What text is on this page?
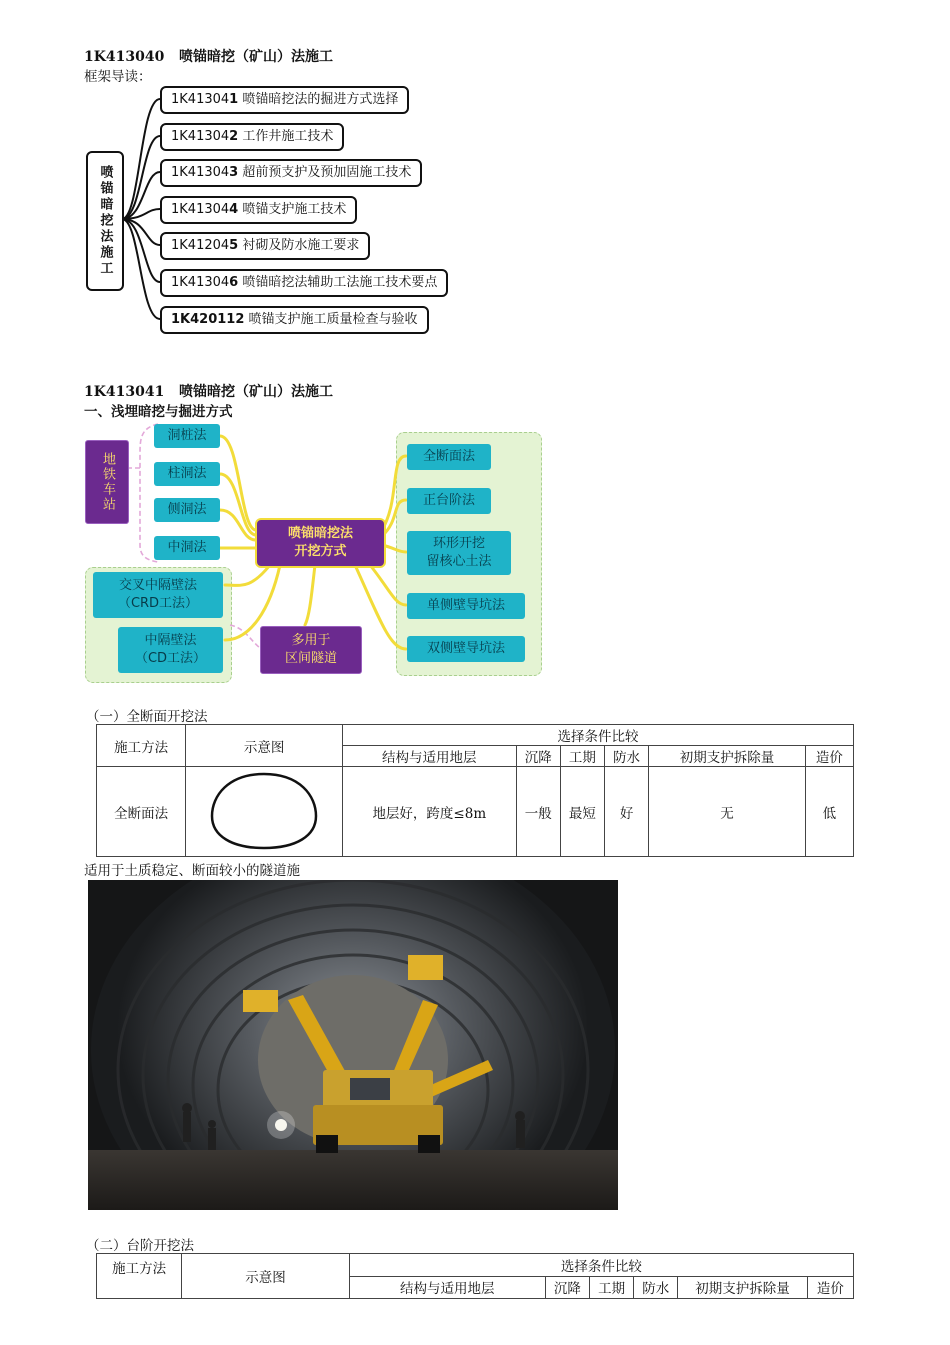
1K413040 喷锚暗挖（矿山）法施工
框架导读：
喷锚暗挖法施工
1K413041 喷锚暗挖法的掘进方式选择
1K413042 工作井施工技术
1K413043 超前预支护及预加固施工技术
1K413044 喷锚支护施工技术
1K412045 衬砌及防水施工要求
1K413046 喷锚暗挖法辅助工法施工技术要点
1K420112 喷锚支护施工质量检查与验收
1K413041 喷锚暗挖（矿山）法施工
一、浅埋暗挖与掘进方式
地铁车站
洞桩法
柱洞法
侧洞法
中洞法
喷锚暗挖法
开挖方式
交叉中隔壁法
（CRD工法）
中隔壁法
（CD工法）
多用于
区间隧道
全断面法
正台阶法
环形开挖
留核心土法
单侧壁导坑法
双侧壁导坑法
（一）全断面开挖法
施工方法	示意图	选择条件比较					
		结构与适用地层	沉降	工期	防水	初期支护拆除量	造价
全断面法		地层好，跨度≤8m	一般	最短	好	无	低
适用于土质稳定、断面较小的隧道施
（二）台阶开挖法
施工方法	示意图	选择条件比较					
		结构与适用地层	沉降	工期	防水	初期支护拆除量	造价
